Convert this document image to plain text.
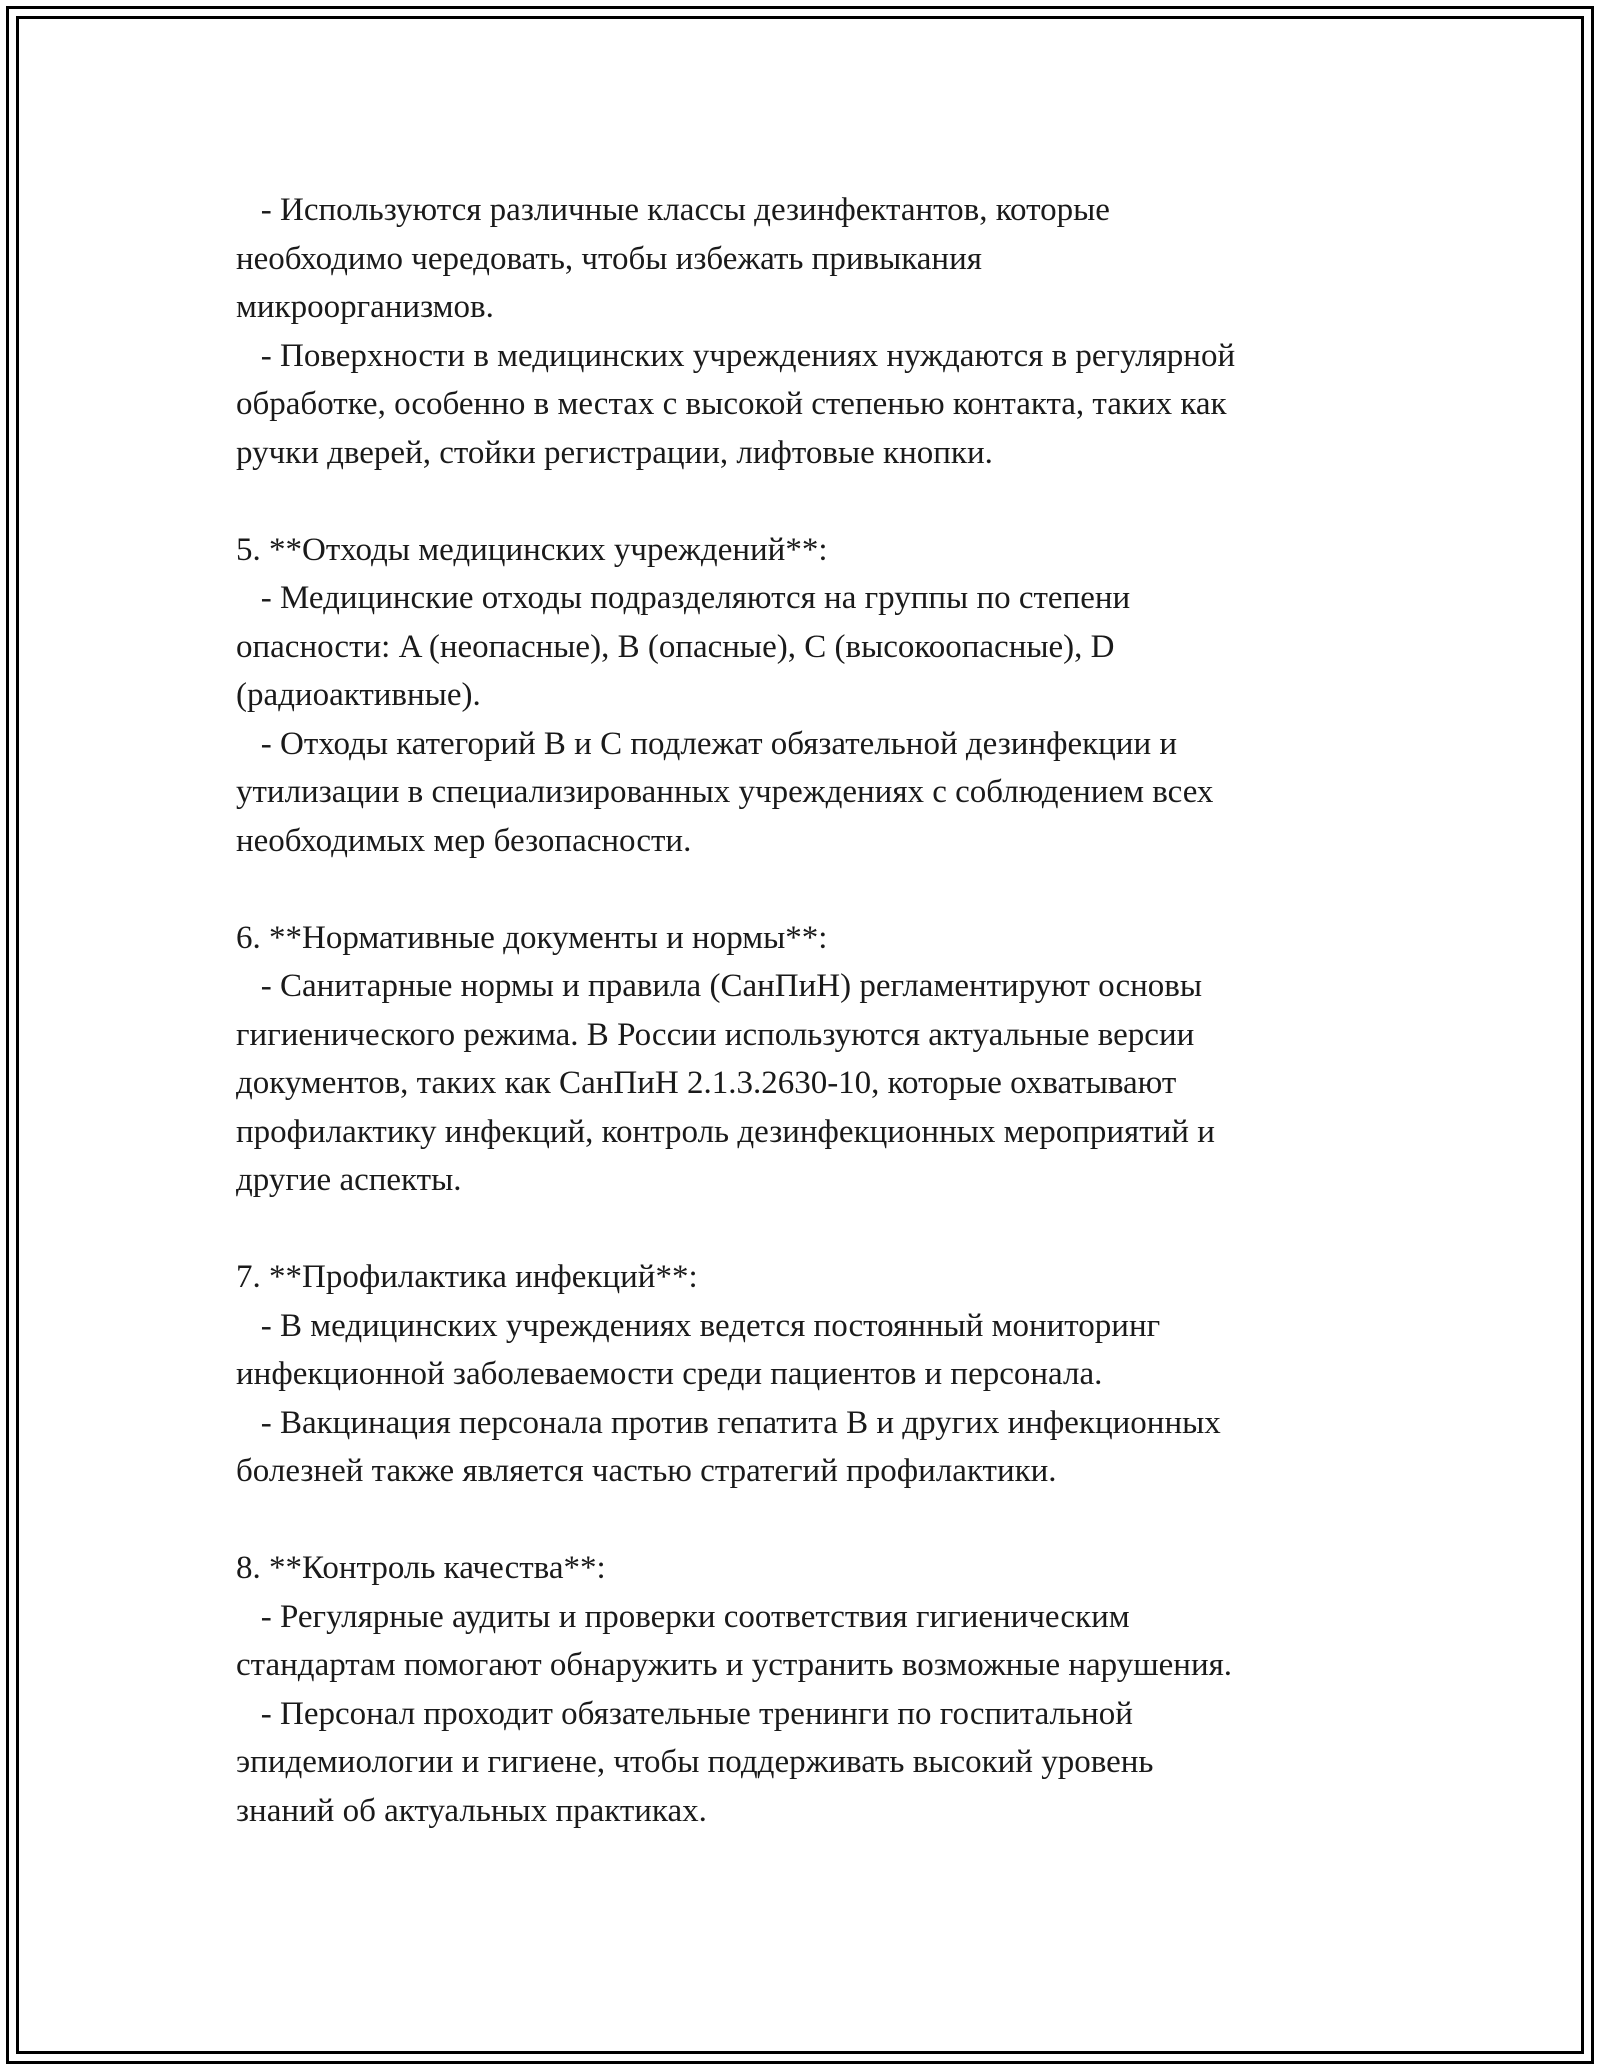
- Используются различные классы дезинфектантов, которые
необходимо чередовать, чтобы избежать привыкания
микроорганизмов.
- Поверхности в медицинских учреждениях нуждаются в регулярной
обработке, особенно в местах с высокой степенью контакта, таких как
ручки дверей, стойки регистрации, лифтовые кнопки.
5. **Отходы медицинских учреждений**:
- Медицинские отходы подразделяются на группы по степени
опасности: A (неопасные), B (опасные), C (высокоопасные), D
(радиоактивные).
- Отходы категорий B и C подлежат обязательной дезинфекции и
утилизации в специализированных учреждениях с соблюдением всех
необходимых мер безопасности.
6. **Нормативные документы и нормы**:
- Санитарные нормы и правила (СанПиН) регламентируют основы
гигиенического режима. В России используются актуальные версии
документов, таких как СанПиН 2.1.3.2630-10, которые охватывают
профилактику инфекций, контроль дезинфекционных мероприятий и
другие аспекты.
7. **Профилактика инфекций**:
- В медицинских учреждениях ведется постоянный мониторинг
инфекционной заболеваемости среди пациентов и персонала.
- Вакцинация персонала против гепатита B и других инфекционных
болезней также является частью стратегий профилактики.
8. **Контроль качества**:
- Регулярные аудиты и проверки соответствия гигиеническим
стандартам помогают обнаружить и устранить возможные нарушения.
- Персонал проходит обязательные тренинги по госпитальной
эпидемиологии и гигиене, чтобы поддерживать высокий уровень
знаний об актуальных практиках.
